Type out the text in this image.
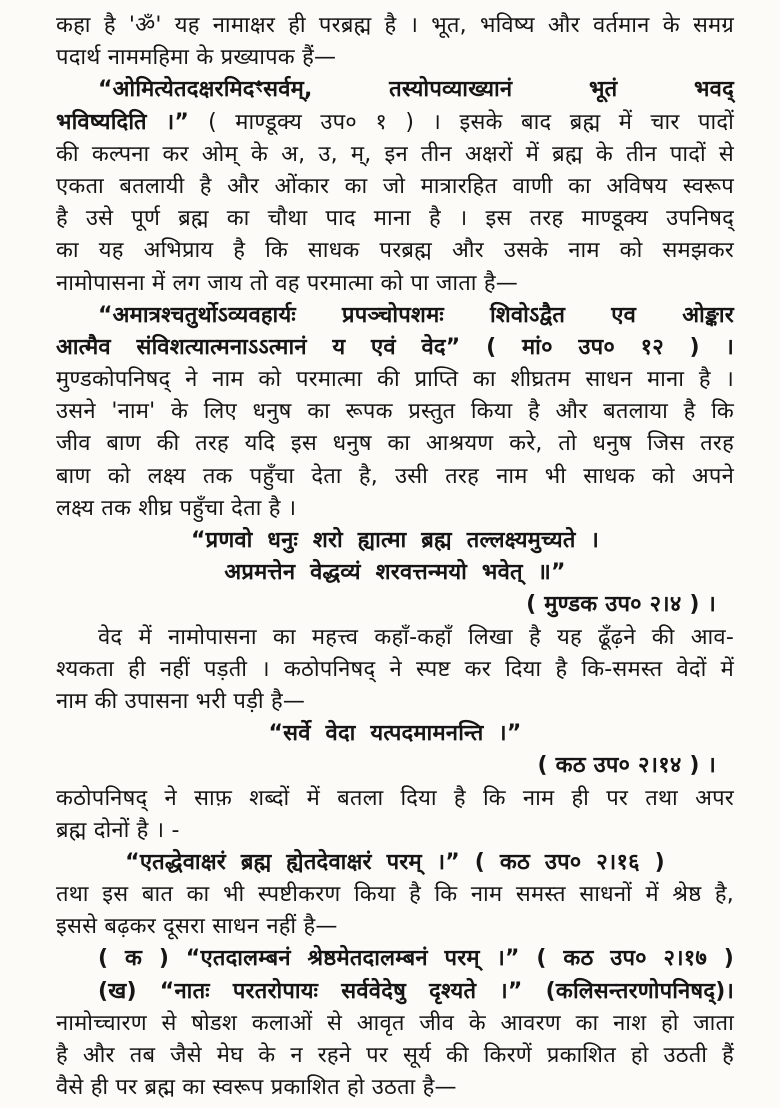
कहा है 'ॐ' यह नामाक्षर ही परब्रह्म है । भूत, भविष्य और वर्तमान के समग्र
पदार्थ नाममहिमा के प्रख्यापक हैं—
“ओमित्येतदक्षरमिदꣳसर्वम्, तस्योपव्याख्यानं भूतं भवद्
भविष्यदिति ।” ( माण्डूक्य उप० १ ) । इसके बाद ब्रह्म में चार पादों
की कल्पना कर ओम् के अ, उ, म्, इन तीन अक्षरों में ब्रह्म के तीन पादों से
एकता बतलायी है और ओंकार का जो मात्रारहित वाणी का अविषय स्वरूप
है उसे पूर्ण ब्रह्म का चौथा पाद माना है । इस तरह माण्डूक्य उपनिषद्
का यह अभिप्राय है कि साधक परब्रह्म और उसके नाम को समझकर
नामोपासना में लग जाय तो वह परमात्मा को पा जाता है—
“अमात्रश्चतुर्थोऽव्यवहार्यः प्रपञ्चोपशमः शिवोऽद्वैत एव ओङ्कार
आत्मैव संविशत्यात्मनाऽऽत्मानं य एवं वेद” ( मां० उप० १२ ) ।
मुण्डकोपनिषद् ने नाम को परमात्मा की प्राप्ति का शीघ्रतम साधन माना है ।
उसने 'नाम' के लिए धनुष का रूपक प्रस्तुत किया है और बतलाया है कि
जीव बाण की तरह यदि इस धनुष का आश्रयण करे, तो धनुष जिस तरह
बाण को लक्ष्य तक पहुँचा देता है, उसी तरह नाम भी साधक को अपने
लक्ष्य तक शीघ्र पहुँचा देता है ।
“प्रणवो धनुः शरो ह्यात्मा ब्रह्म तल्लक्ष्यमुच्यते ।
अप्रमत्तेन वेद्धव्यं शरवत्तन्मयो भवेत् ॥”
( मुण्डक उप० २।४ ) ।
वेद में नामोपासना का महत्त्व कहाँ-कहाँ लिखा है यह ढूँढ़ने की आव-
श्यकता ही नहीं पड़ती । कठोपनिषद् ने स्पष्ट कर दिया है कि-समस्त वेदों में
नाम की उपासना भरी पड़ी है—
“सर्वे वेदा यत्पदमामनन्ति ।”
( कठ उप० २।१४ ) ।
कठोपनिषद् ने साफ़ शब्दों में बतला दिया है कि नाम ही पर तथा अपर
ब्रह्म दोनों है । -
“एतद्धेवाक्षरं ब्रह्म ह्येतदेवाक्षरं परम् ।” ( कठ उप० २।१६ )
तथा इस बात का भी स्पष्टीकरण किया है कि नाम समस्त साधनों में श्रेष्ठ है,
इससे बढ़कर दूसरा साधन नहीं है—
( क ) “एतदालम्बनं श्रेष्ठमेतदालम्बनं परम् ।” ( कठ उप० २।१७ )
(ख) “नातः परतरोपायः सर्ववेदेषु दृश्यते ।” (कलिसन्तरणोपनिषद्)।
नामोच्चारण से षोडश कलाओं से आवृत जीव के आवरण का नाश हो जाता
है और तब जैसे मेघ के न रहने पर सूर्य की किरणें प्रकाशित हो उठती हैं
वैसे ही पर ब्रह्म का स्वरूप प्रकाशित हो उठता है—
